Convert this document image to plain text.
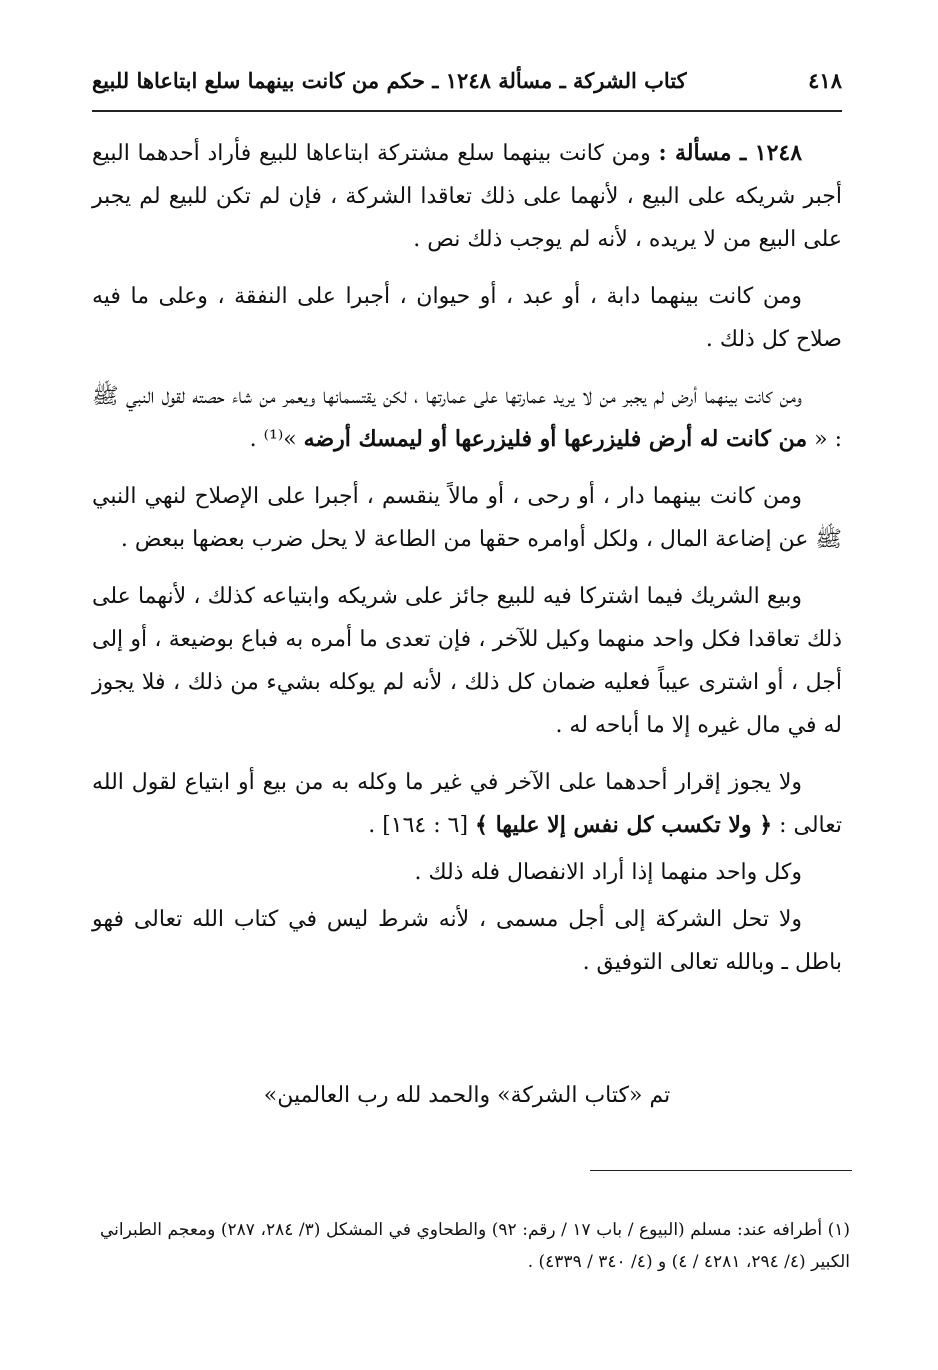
٤١٨
كتاب الشركة ـ مسألة ١٢٤٨ ـ حكم من كانت بينهما سلع ابتاعاها للبيع

١٢٤٨ ـ مسألة : ومن كانت بينهما سلع مشتركة ابتاعاها للبيع فأراد أحدهما البيع أجبر شريكه على البيع ، لأنهما على ذلك تعاقدا الشركة ، فإن لم تكن للبيع لم يجبر على البيع من لا يريده ، لأنه لم يوجب ذلك نص .

ومن كانت بينهما دابة ، أو عبد ، أو حيوان ، أجبرا على النفقة ، وعلى ما فيه صلاح كل ذلك .

ومن كانت بينهما أرض لم يجبر من لا يريد عمارتها على عمارتها ، لكن يقتسمانها ويعمر من شاء حصته لقول النبي ﷺ : « من كانت له أرض فليزرعها أو فليزرعها أو ليمسك أرضه »⁽¹⁾ .

ومن كانت بينهما دار ، أو رحى ، أو مالاً ينقسم ، أجبرا على الإصلاح لنهي النبي ﷺ عن إضاعة المال ، ولكل أوامره حقها من الطاعة لا يحل ضرب بعضها ببعض .

وبيع الشريك فيما اشتركا فيه للبيع جائز على شريكه وابتياعه كذلك ، لأنهما على ذلك تعاقدا فكل واحد منهما وكيل للآخر ، فإن تعدى ما أمره به فباع بوضيعة ، أو إلى أجل ، أو اشترى عيباً فعليه ضمان كل ذلك ، لأنه لم يوكله بشيء من ذلك ، فلا يجوز له في مال غيره إلا ما أباحه له .

ولا يجوز إقرار أحدهما على الآخر في غير ما وكله به من بيع أو ابتياع لقول الله تعالى : ﴿ ولا تكسب كل نفس إلا عليها ﴾ [٦ : ١٦٤] .

وكل واحد منهما إذا أراد الانفصال فله ذلك .

ولا تحل الشركة إلى أجل مسمى ، لأنه شرط ليس في كتاب الله تعالى فهو باطل ـ وبالله تعالى التوفيق .

تم «كتاب الشركة» والحمد لله رب العالمين»

(١) أطرافه عند: مسلم (البيوع / باب ١٧ / رقم: ٩٢) والطحاوي في المشكل (٣/ ٢٨٤، ٢٨٧) ومعجم الطبراني الكبير (٤/ ٢٩٤، ٤٢٨١ / ٤) و (٤/ ٣٤٠ / ٤٣٣٩) .
